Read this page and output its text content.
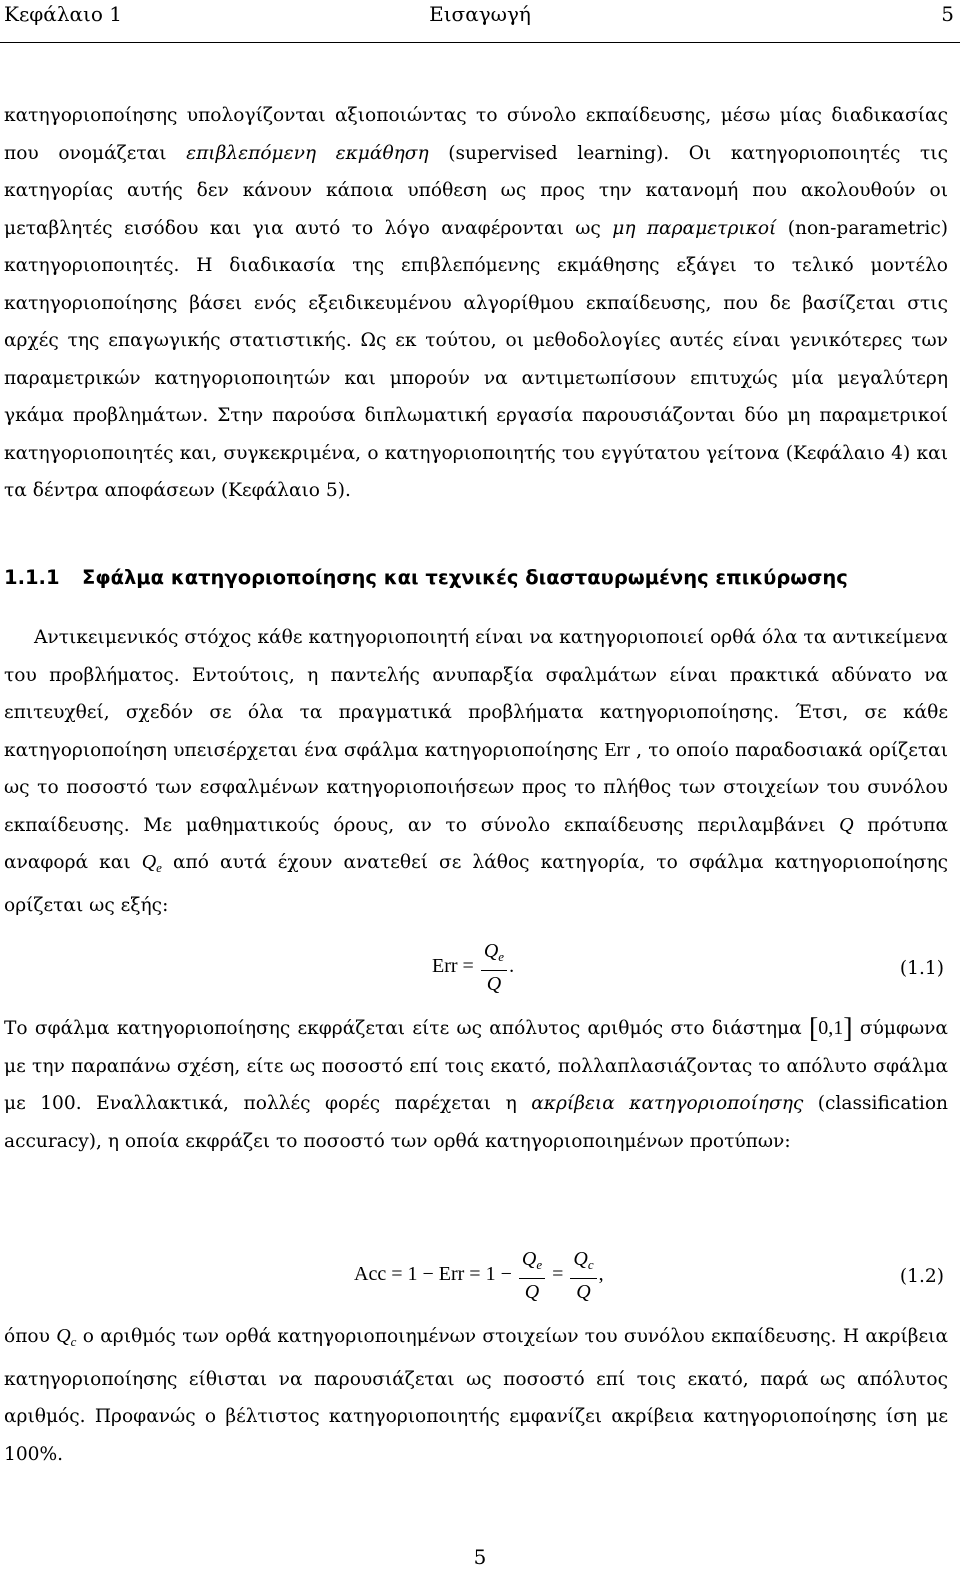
Κεφάλαιο 1	Εισαγωγή	5
κατηγοριοποίησης υπολογίζονται αξιοποιώντας το σύνολο εκπαίδευσης, μέσω μίας διαδικασίας που ονομάζεται επιβλεπόμενη εκμάθηση (supervised learning). Οι κατηγοριοποιητές τις κατηγορίας αυτής δεν κάνουν κάποια υπόθεση ως προς την κατανομή που ακολουθούν οι μεταβλητές εισόδου και για αυτό το λόγο αναφέρονται ως μη παραμετρικοί (non-parametric) κατηγοριοποιητές. Η διαδικασία της επιβλεπόμενης εκμάθησης εξάγει το τελικό μοντέλο κατηγοριοποίησης βάσει ενός εξειδικευμένου αλγορίθμου εκπαίδευσης, που δε βασίζεται στις αρχές της επαγωγικής στατιστικής. Ως εκ τούτου, οι μεθοδολογίες αυτές είναι γενικότερες των παραμετρικών κατηγοριοποιητών και μπορούν να αντιμετωπίσουν επιτυχώς μία μεγαλύτερη γκάμα προβλημάτων. Στην παρούσα διπλωματική εργασία παρουσιάζονται δύο μη παραμετρικοί κατηγοριοποιητές και, συγκεκριμένα, ο κατηγοριοποιητής του εγγύτατου γείτονα (Κεφάλαιο 4) και τα δέντρα αποφάσεων (Κεφάλαιο 5).
1.1.1 Σφάλμα κατηγοριοποίησης και τεχνικές διασταυρωμένης επικύρωσης
Αντικειμενικός στόχος κάθε κατηγοριοποιητή είναι να κατηγοριοποιεί ορθά όλα τα αντικείμενα του προβλήματος. Εντούτοις, η παντελής ανυπαρξία σφαλμάτων είναι πρακτικά αδύνατο να επιτευχθεί, σχεδόν σε όλα τα πραγματικά προβλήματα κατηγοριοποίησης. Έτσι, σε κάθε κατηγοριοποίηση υπεισέρχεται ένα σφάλμα κατηγοριοποίησης Err , το οποίο παραδοσιακά ορίζεται ως το ποσοστό των εσφαλμένων κατηγοριοποιήσεων προς το πλήθος των στοιχείων του συνόλου εκπαίδευσης. Με μαθηματικούς όρους, αν το σύνολο εκπαίδευσης περιλαμβάνει Q πρότυπα αναφορά και $Q_e$ από αυτά έχουν ανατεθεί σε λάθος κατηγορία, το σφάλμα κατηγοριοποίησης ορίζεται ως εξής:
Err = $\frac{Q_e}{Q}$ .	(1.1)
Το σφάλμα κατηγοριοποίησης εκφράζεται είτε ως απόλυτος αριθμός στο διάστημα [0,1] σύμφωνα με την παραπάνω σχέση, είτε ως ποσοστό επί τοις εκατό, πολλαπλασιάζοντας το απόλυτο σφάλμα με 100. Εναλλακτικά, πολλές φορές παρέχεται η ακρίβεια κατηγοριοποίησης (classification accuracy), η οποία εκφράζει το ποσοστό των ορθά κατηγοριοποιημένων προτύπων:
Acc = 1 − Err = $1 - \frac{Q_e}{Q} = \frac{Q_c}{Q}$ ,	(1.2)
όπου $Q_c$ ο αριθμός των ορθά κατηγοριοποιημένων στοιχείων του συνόλου εκπαίδευσης. Η ακρίβεια κατηγοριοποίησης είθισται να παρουσιάζεται ως ποσοστό επί τοις εκατό, παρά ως απόλυτος αριθμός. Προφανώς ο βέλτιστος κατηγοριοποιητής εμφανίζει ακρίβεια κατηγοριοποίησης ίση με 100%.
5
